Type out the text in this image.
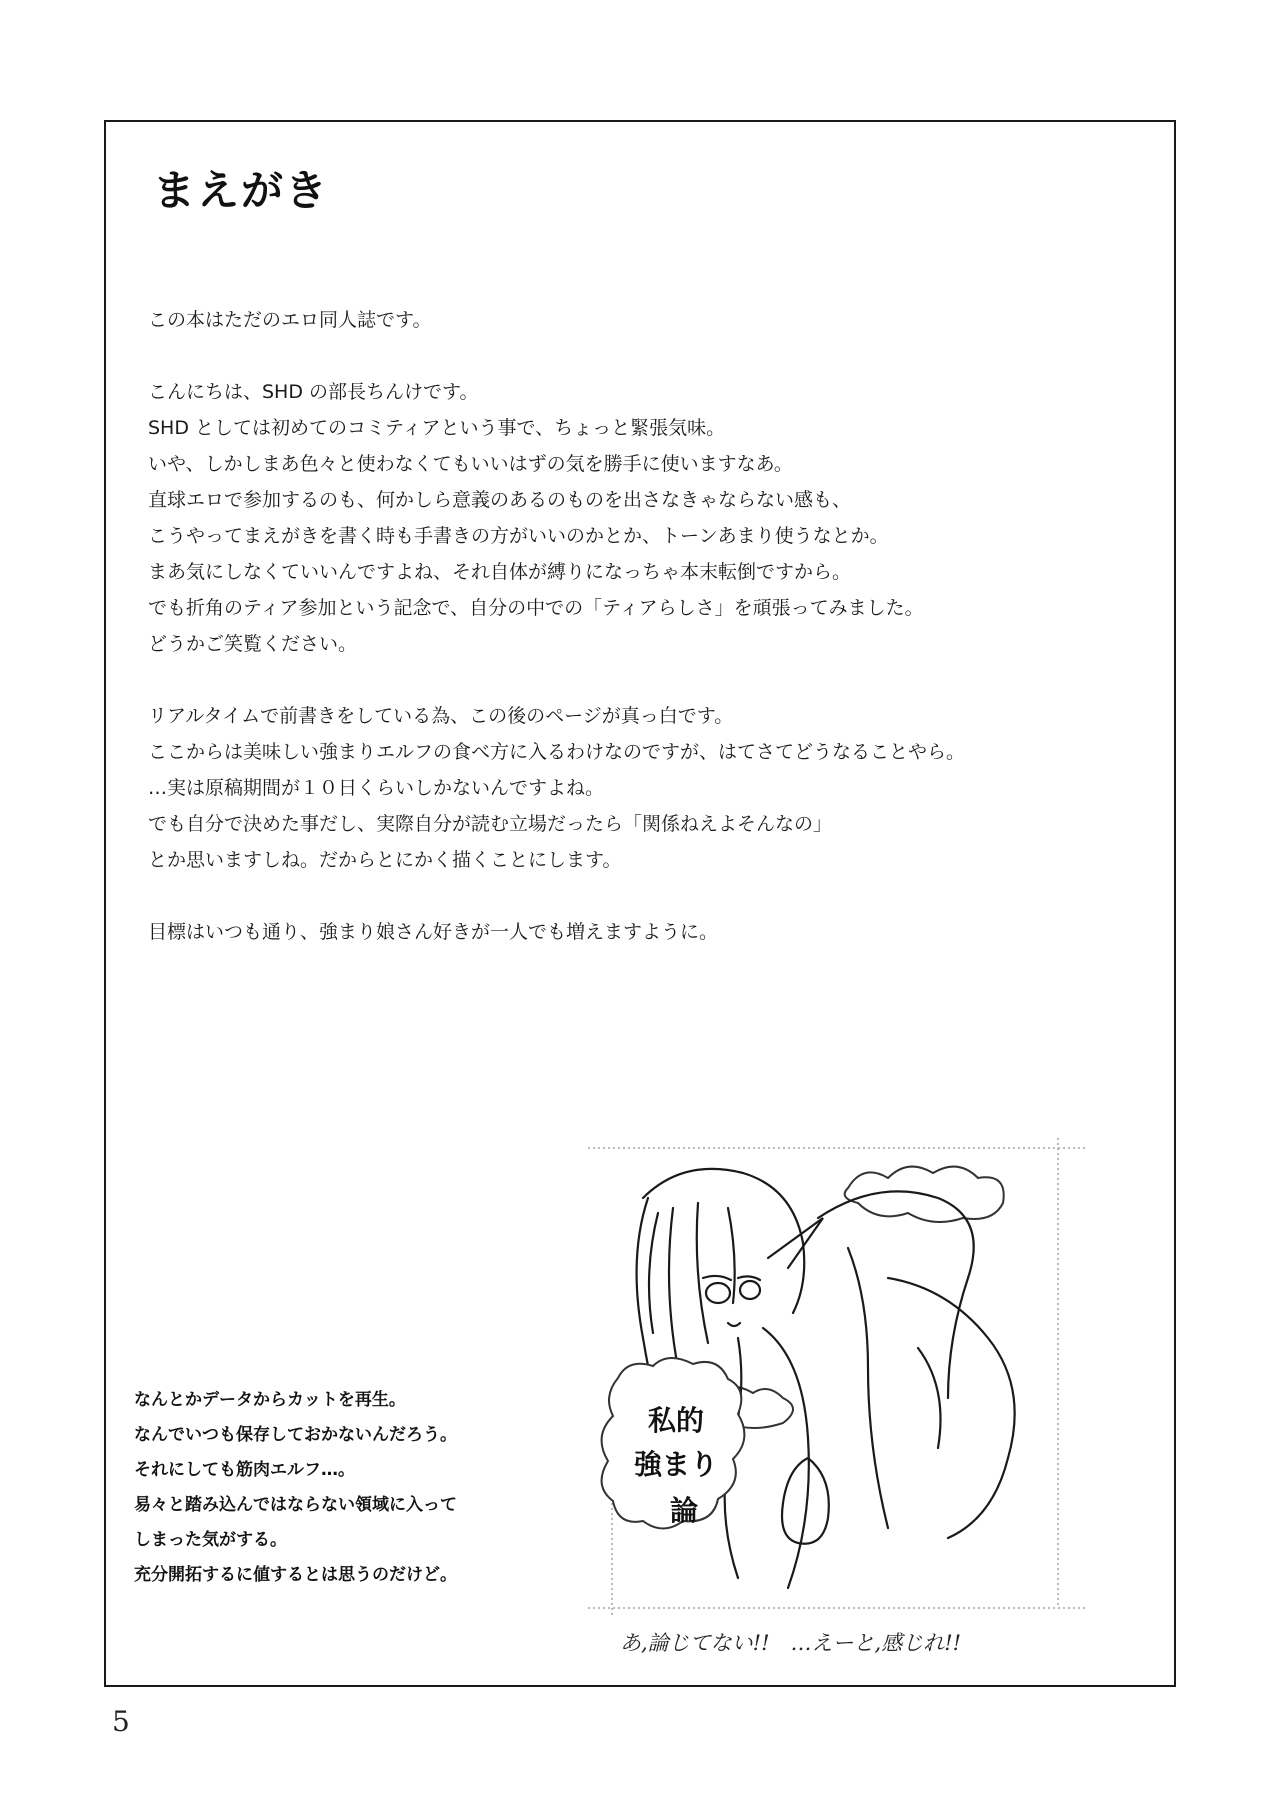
まえがき

この本はただのエロ同人誌です。

こんにちは、SHD の部長ちんけです。
SHD としては初めてのコミティアという事で、ちょっと緊張気味。
いや、しかしまあ色々と使わなくてもいいはずの気を勝手に使いますなあ。
直球エロで参加するのも、何かしら意義のあるのものを出さなきゃならない感も、
こうやってまえがきを書く時も手書きの方がいいのかとか、トーンあまり使うなとか。
まあ気にしなくていいんですよね、それ自体が縛りになっちゃ本末転倒ですから。
でも折角のティア参加という記念で、自分の中での「ティアらしさ」を頑張ってみました。
どうかご笑覧ください。

リアルタイムで前書きをしている為、この後のページが真っ白です。
ここからは美味しい強まりエルフの食べ方に入るわけなのですが、はてさてどうなることやら。
…実は原稿期間が１０日くらいしかないんですよね。
でも自分で決めた事だし、実際自分が読む立場だったら「関係ねえよそんなの」
とか思いますしね。だからとにかく描くことにします。

目標はいつも通り、強まり娘さん好きが一人でも増えますように。

なんとかデータからカットを再生。
なんでいつも保存しておかないんだろう。
それにしても筋肉エルフ…。
易々と踏み込んではならない領域に入って
しまった気がする。
充分開拓するに値するとは思うのだけど。
私的
強まり
論
あ,論じてない!!　…えーと,感じれ!!
5
